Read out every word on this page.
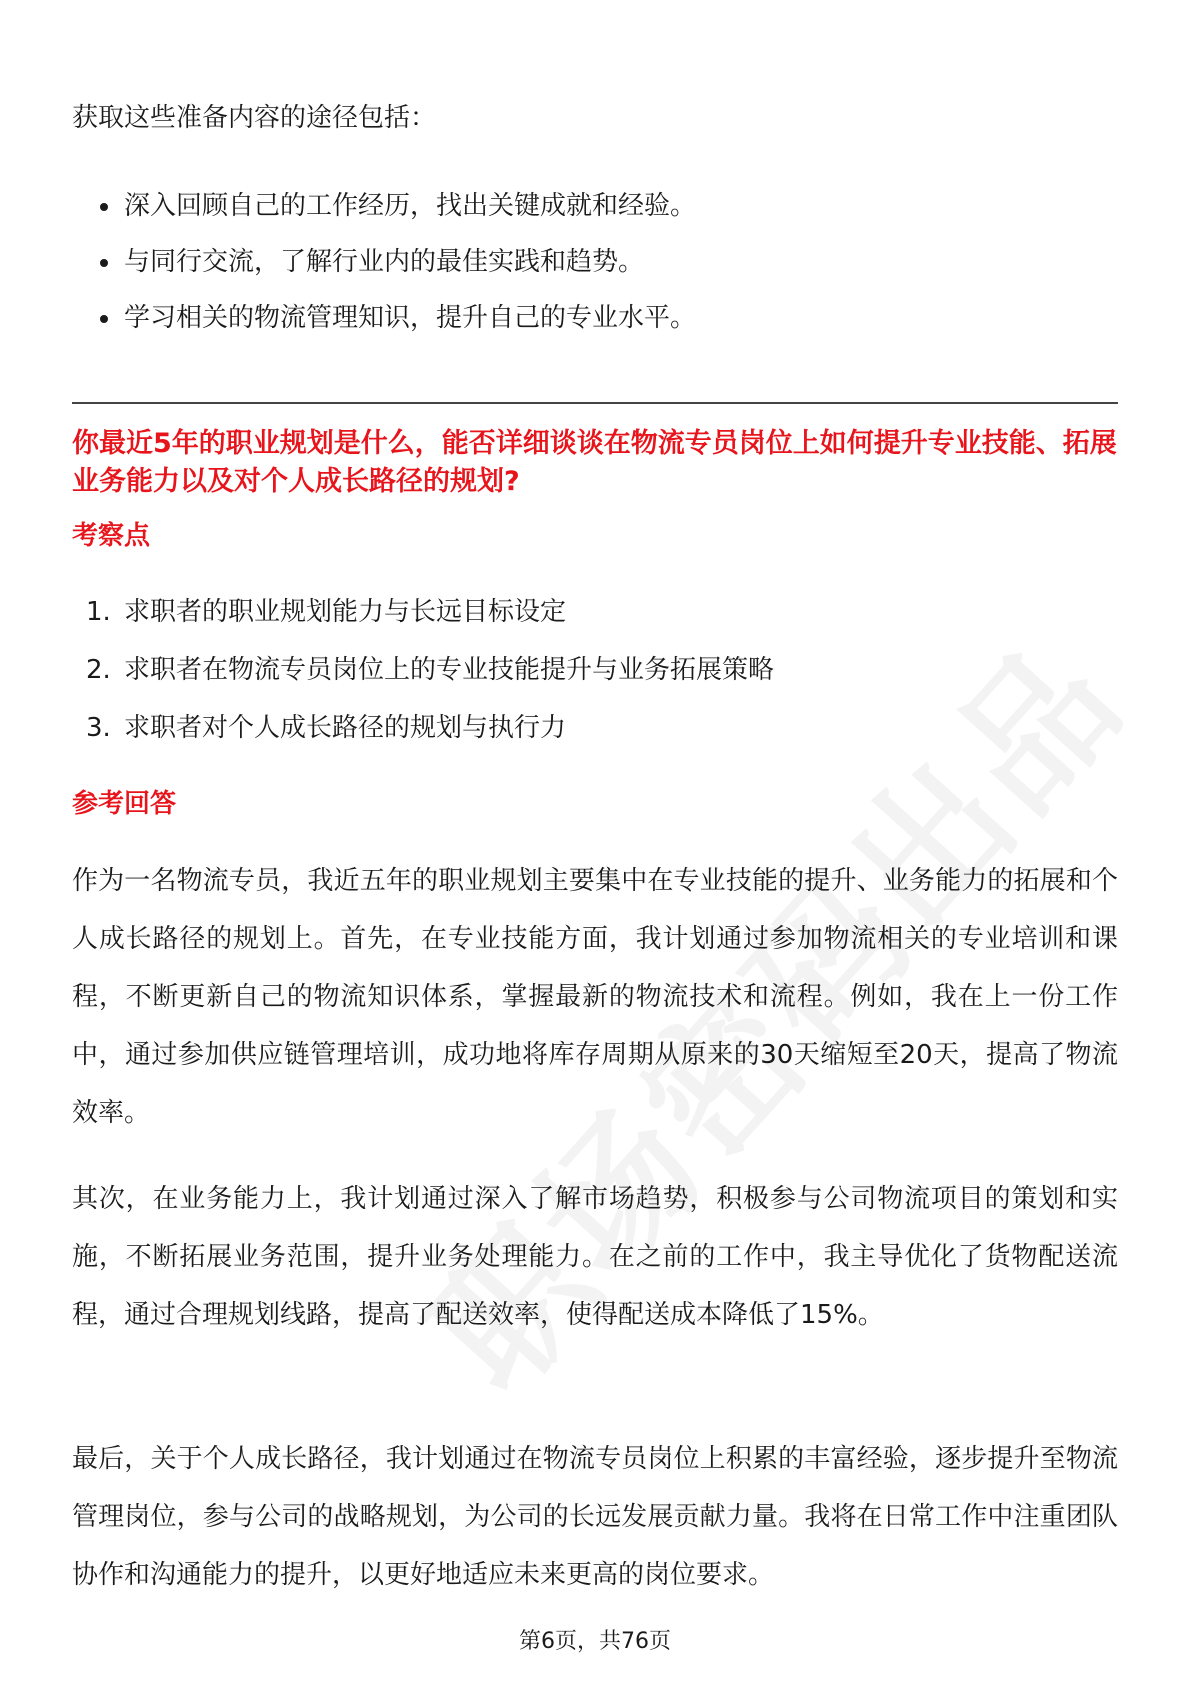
获取这些准备内容的途径包括：

深入回顾自己的工作经历，找出关键成就和经验。
与同行交流，了解行业内的最佳实践和趋势。
学习相关的物流管理知识，提升自己的专业水平。

你最近5年的职业规划是什么，能否详细谈谈在物流专员岗位上如何提升专业技能、拓展业务能力以及对个人成长路径的规划?

考察点

1. 求职者的职业规划能力与长远目标设定
2. 求职者在物流专员岗位上的专业技能提升与业务拓展策略
3. 求职者对个人成长路径的规划与执行力

参考回答

作为一名物流专员，我近五年的职业规划主要集中在专业技能的提升、业务能力的拓展和个人成长路径的规划上。首先，在专业技能方面，我计划通过参加物流相关的专业培训和课程，不断更新自己的物流知识体系，掌握最新的物流技术和流程。例如，我在上一份工作中，通过参加供应链管理培训，成功地将库存周期从原来的30天缩短至20天，提高了物流效率。

其次，在业务能力上，我计划通过深入了解市场趋势，积极参与公司物流项目的策划和实施，不断拓展业务范围，提升业务处理能力。在之前的工作中，我主导优化了货物配送流程，通过合理规划线路，提高了配送效率，使得配送成本降低了15%。

最后，关于个人成长路径，我计划通过在物流专员岗位上积累的丰富经验，逐步提升至物流管理岗位，参与公司的战略规划，为公司的长远发展贡献力量。我将在日常工作中注重团队协作和沟通能力的提升，以更好地适应未来更高的岗位要求。

第6页，共76页
